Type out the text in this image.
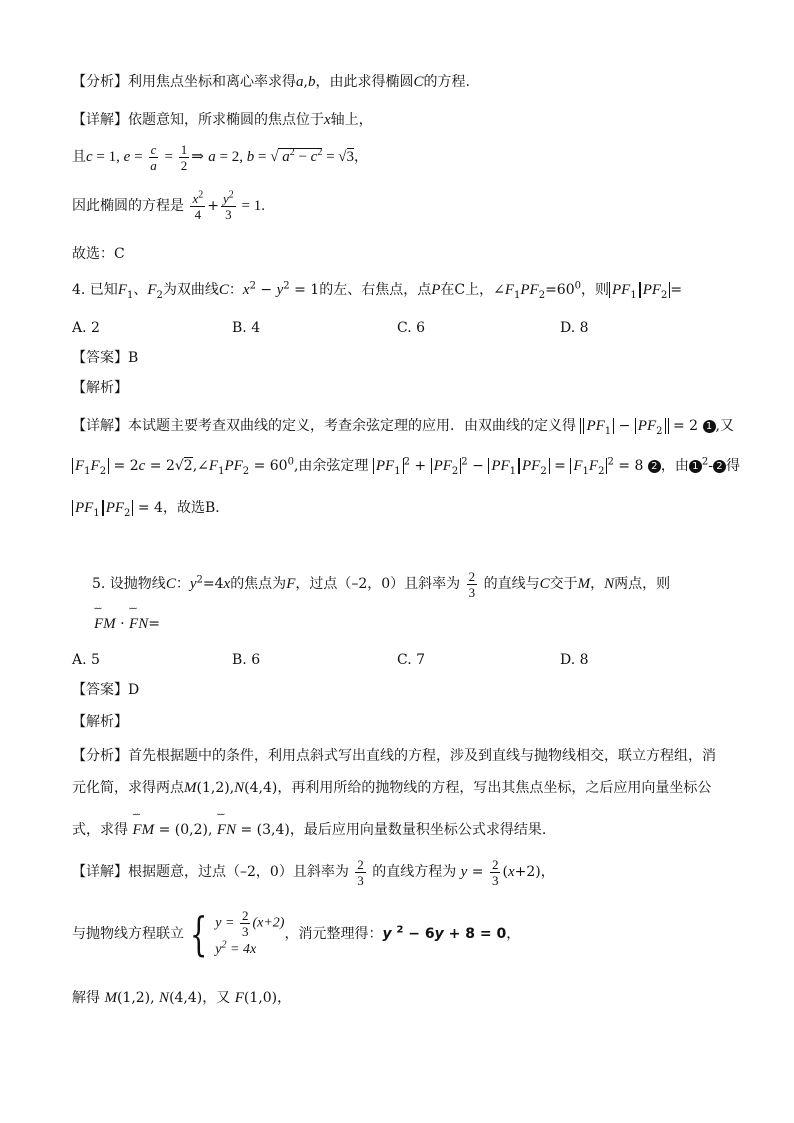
【分析】利用焦点坐标和离心率求得a,b，由此求得椭圆C的方程.
【详解】依题意知，所求椭圆的焦点位于x轴上，
且c = 1, $e = \frac{c}{a} = \frac{1}{2}$ ⇒ a = 2, b = √ $a^2 - c^2 = √3$，
因此椭圆的方程是 $\frac{x^2}{4} + \frac{y^2}{3} = 1$.
故选：C
4. 已知$F_1$、$F_2$为双曲线C：$x^2 - y^2 = 1$的左、右焦点，点P在C上，$\angle F_1PF_2=60^0$，则 $PF_1$ $PF_2$ =
A. 2	B. 4	C. 6	D. 8
【答案】B
【解析】
【详解】本试题主要考查双曲线的定义，考查余弦定理的应用．由双曲线的定义得 $PF_1 - PF_2 = 2$ 1 ,又
$F_1F_2 = 2c$ = $2√2,\angle F_1PF_2 = 60^0$,由余弦定理 $PF_1^2 + PF_2^2 - PF_1$ $PF_2 = F_1F_2^2 = 8$ 2 ，由 1 $^2$- 2 得
$PF_1$ $PF_2 = 4$，故选B．
5. 设抛物线C：$y^2=4x$的焦点为F，过点（–2，0）且斜率为 $\frac{2}{3}$ 的直线与C交于M，N两点，则
˘˘˘ FM · ˘˘˘ FN=
A. 5	B. 6	C. 7	D. 8
【答案】D
【解析】
【分析】首先根据题中的条件，利用点斜式写出直线的方程，涉及到直线与抛物线相交，联立方程组，消
元化简，求得两点M(1,2),N(4,4)，再利用所给的抛物线的方程，写出其焦点坐标，之后应用向量坐标公
式，求得 ˘˘˘ FM = (0,2), ˘˘˘ FN = (3,4)，最后应用向量数量积坐标公式求得结果.
【详解】根据题意，过点（–2，0）且斜率为 $\frac{2}{3}$ 的直线方程为 $y = \frac{2}{3} (x+2)$，
与抛物线方程联立 { $y = \frac{2}{3} (x+2)$
$y^2 = 4x$
，消元整理得：y $^2$ − 6y + 8 = 0，
解得 M(1,2), N(4,4)，又 F(1,0)，
